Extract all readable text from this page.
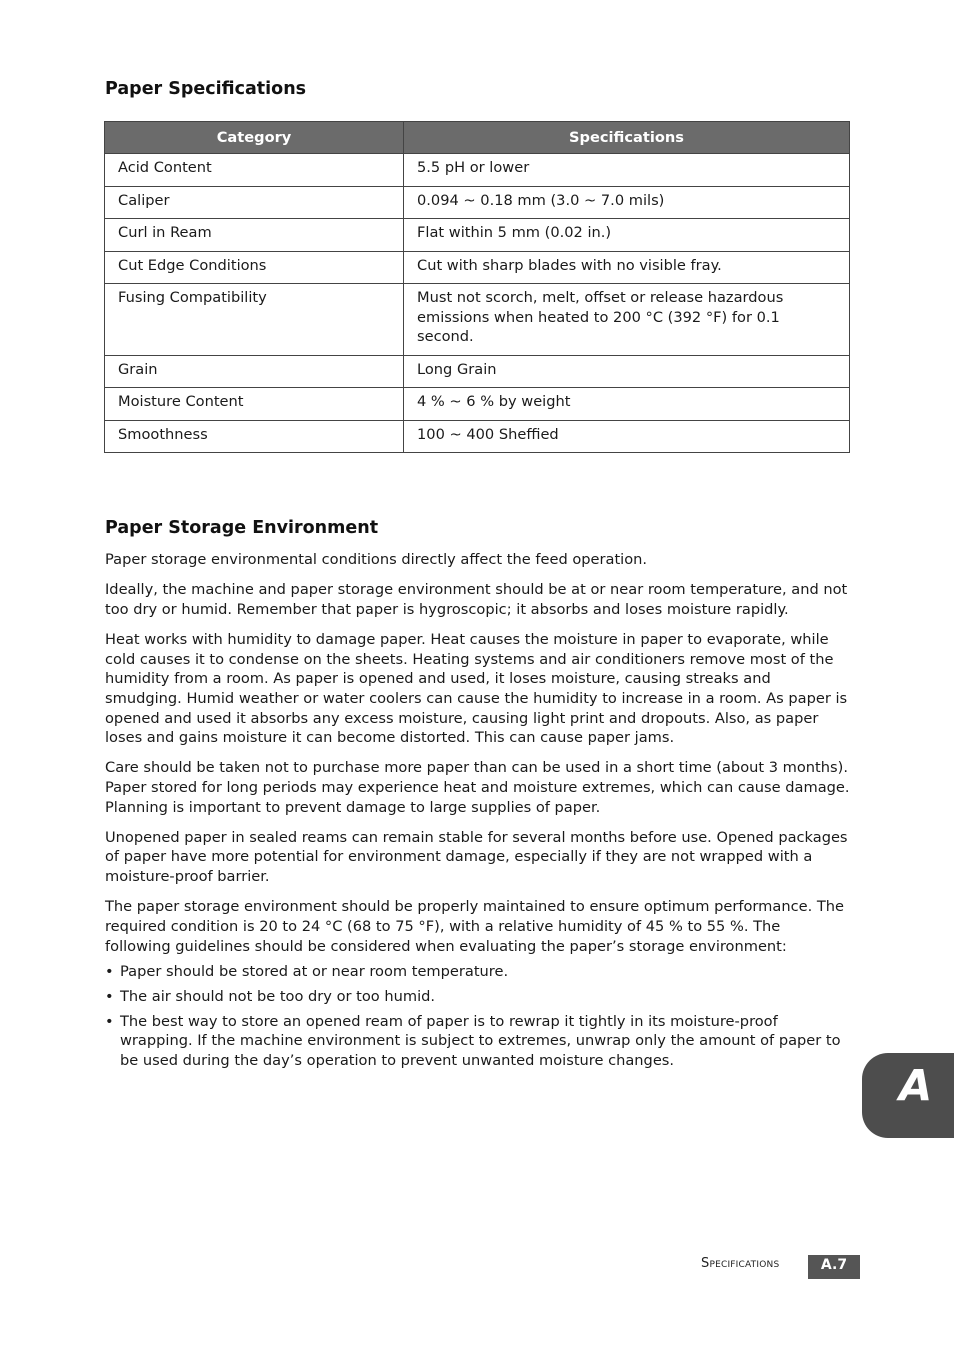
Paper Specifications
Category	Specifications
Acid Content	5.5 pH or lower
Caliper	0.094 ~ 0.18 mm (3.0 ~ 7.0 mils)
Curl in Ream	Flat within 5 mm (0.02 in.)
Cut Edge Conditions	Cut with sharp blades with no visible fray.
Fusing Compatibility	Must not scorch, melt, offset or release hazardous emissions when heated to 200 °C (392 °F) for 0.1 second.
Grain	Long Grain
Moisture Content	4 % ~ 6 % by weight
Smoothness	100 ~ 400 Sheffied
Paper Storage Environment

Paper storage environmental conditions directly affect the feed operation.

Ideally, the machine and paper storage environment should be at or near room temperature, and not too dry or humid. Remember that paper is hygroscopic; it absorbs and loses moisture rapidly.

Heat works with humidity to damage paper. Heat causes the moisture in paper to evaporate, while cold causes it to condense on the sheets. Heating systems and air conditioners remove most of the humidity from a room. As paper is opened and used, it loses moisture, causing streaks and smudging. Humid weather or water coolers can cause the humidity to increase in a room. As paper is opened and used it absorbs any excess moisture, causing light print and dropouts. Also, as paper loses and gains moisture it can become distorted. This can cause paper jams.

Care should be taken not to purchase more paper than can be used in a short time (about 3 months). Paper stored for long periods may experience heat and moisture extremes, which can cause damage. Planning is important to prevent damage to large supplies of paper.

Unopened paper in sealed reams can remain stable for several months before use. Opened packages of paper have more potential for environment damage, especially if they are not wrapped with a moisture-proof barrier.

The paper storage environment should be properly maintained to ensure optimum performance. The required condition is 20 to 24 °C (68 to 75 °F), with a relative humidity of 45 % to 55 %. The following guidelines should be considered when evaluating the paper’s storage environment:

• Paper should be stored at or near room temperature.
• The air should not be too dry or too humid.
• The best way to store an opened ream of paper is to rewrap it tightly in its moisture-proof wrapping. If the machine environment is subject to extremes, unwrap only the amount of paper to be used during the day’s operation to prevent unwanted moisture changes.
A
Specifications	A.7
